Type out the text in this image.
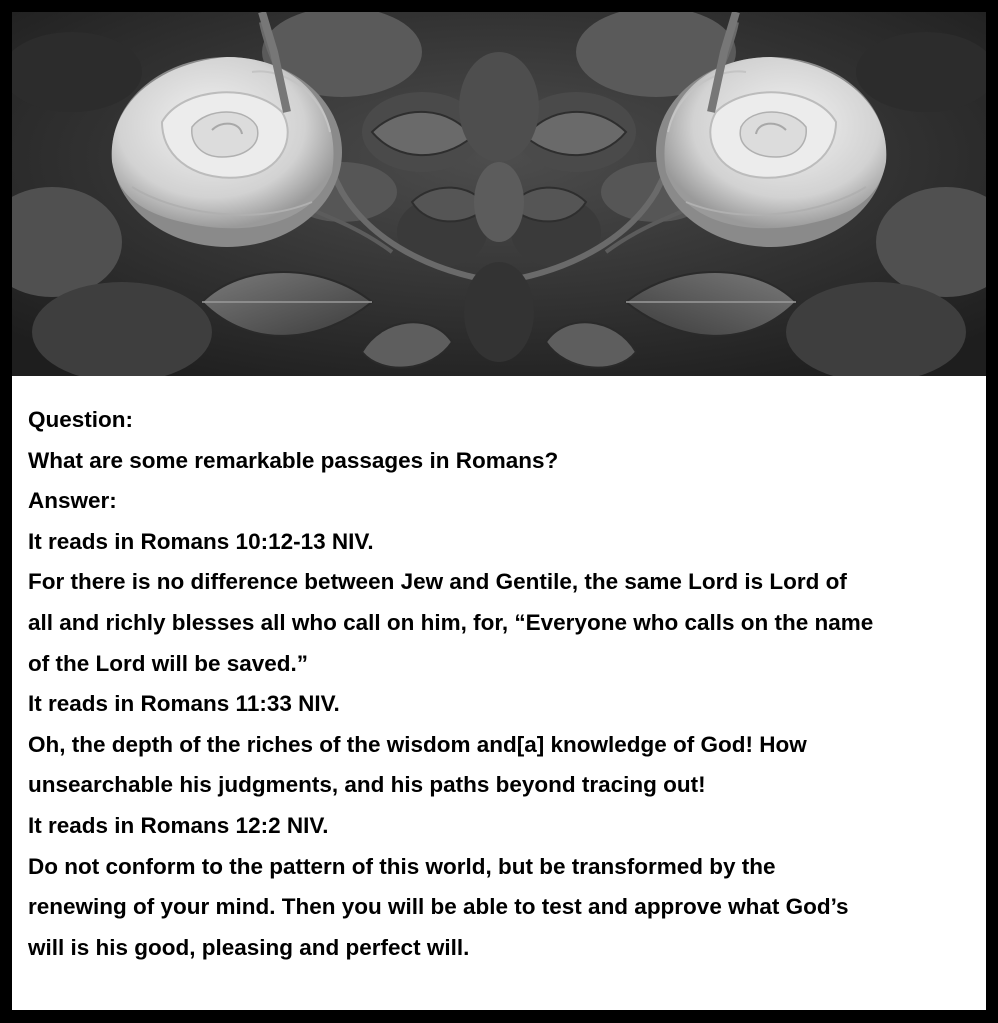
Question:

What are some remarkable passages in Romans?

Answer:

It reads in Romans 10:12-13 NIV.

For there is no difference between Jew and Gentile, the same Lord is Lord of

all and richly blesses all who call on him, for, “Everyone who calls on the name

of the Lord will be saved.”

It reads in Romans 11:33 NIV.

Oh, the depth of the riches of the wisdom and[a] knowledge of God! How

unsearchable his judgments, and his paths beyond tracing out!

It reads in Romans 12:2 NIV.

Do not conform to the pattern of this world, but be transformed by the

renewing of your mind. Then you will be able to test and approve what God’s

will is his good, pleasing and perfect will.
